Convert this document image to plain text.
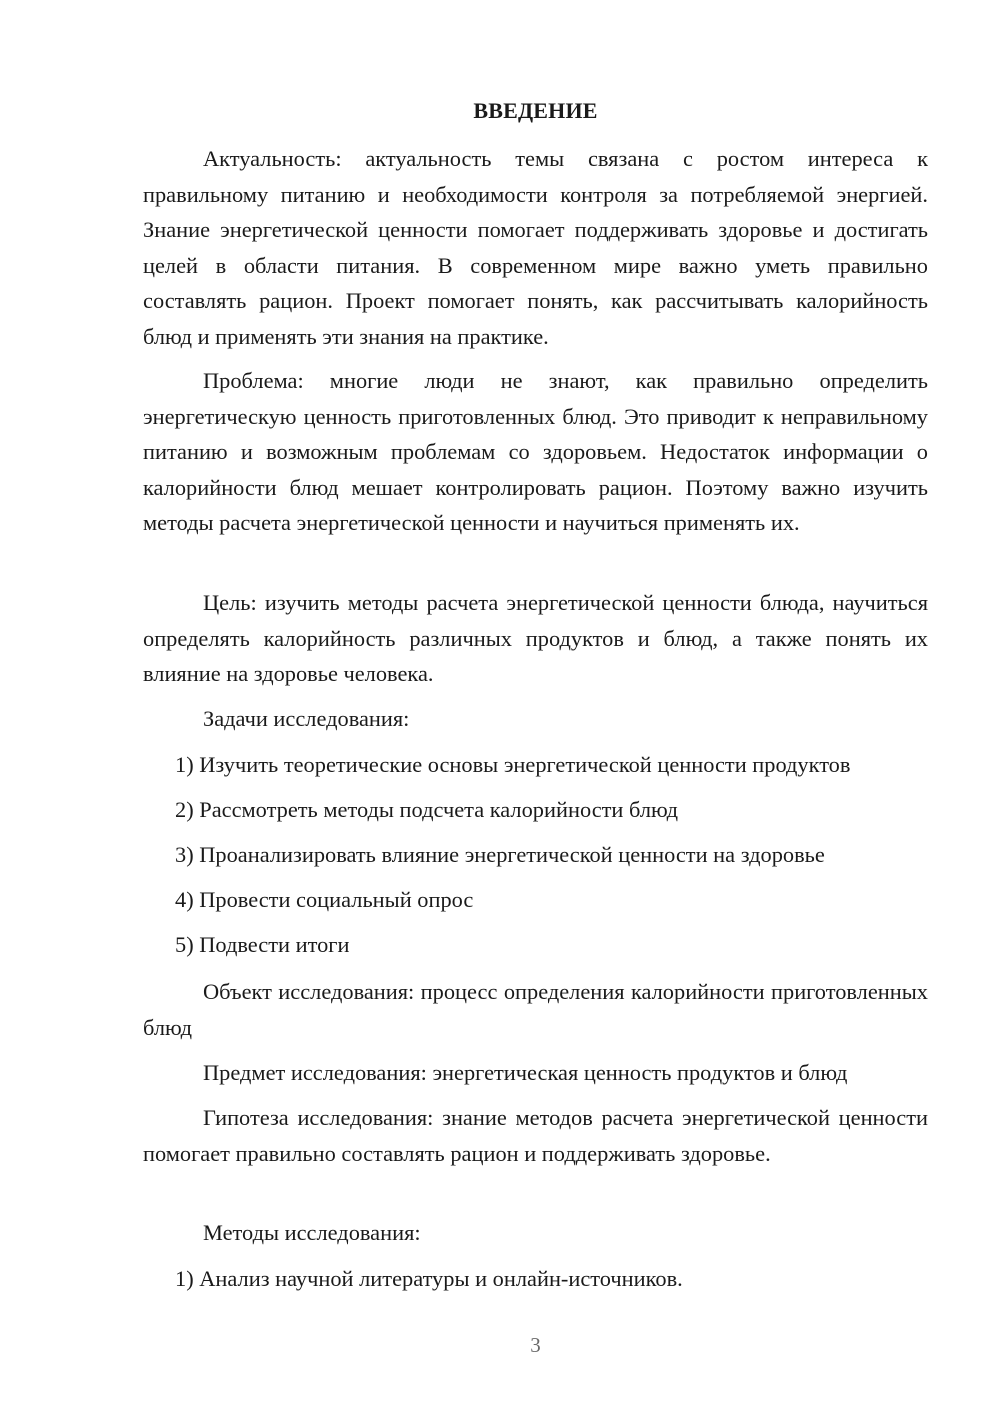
ВВЕДЕНИЕ

Актуальность: актуальность темы связана с ростом интереса к правильному питанию и необходимости контроля за потребляемой энергией. Знание энергетической ценности помогает поддерживать здоровье и достигать целей в области питания. В современном мире важно уметь правильно составлять рацион. Проект помогает понять, как рассчитывать калорийность блюд и применять эти знания на практике.

Проблема: многие люди не знают, как правильно определить энергетическую ценность приготовленных блюд. Это приводит к неправильному питанию и возможным проблемам со здоровьем. Недостаток информации о калорийности блюд мешает контролировать рацион. Поэтому важно изучить методы расчета энергетической ценности и научиться применять их.

Цель: изучить методы расчета энергетической ценности блюда, научиться определять калорийность различных продуктов и блюд, а также понять их влияние на здоровье человека.

Задачи исследования:

1) Изучить теоретические основы энергетической ценности продуктов

2) Рассмотреть методы подсчета калорийности блюд

3) Проанализировать влияние энергетической ценности на здоровье

4) Провести социальный опрос

5) Подвести итоги

Объект исследования: процесс определения калорийности приготовленных блюд

Предмет исследования: энергетическая ценность продуктов и блюд

Гипотеза исследования: знание методов расчета энергетической ценности помогает правильно составлять рацион и поддерживать здоровье.

Методы исследования:

1) Анализ научной литературы и онлайн-источников.

3
